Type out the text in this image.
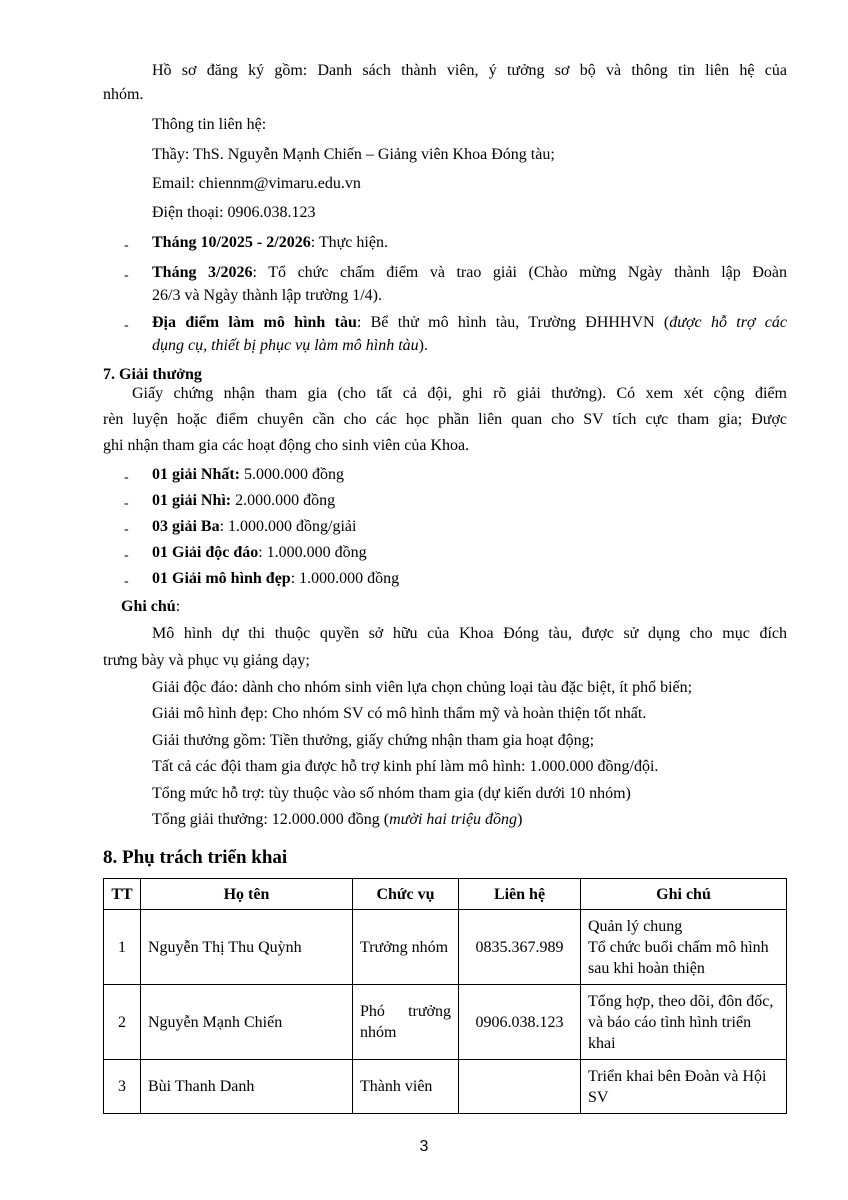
Hồ sơ đăng ký gồm: Danh sách thành viên, ý tưởng sơ bộ và thông tin liên hệ của
nhóm.
Thông tin liên hệ:
Thầy: ThS. Nguyễn Mạnh Chiến – Giảng viên Khoa Đóng tàu;
Email: chiennm@vimaru.edu.vn
Điện thoại: 0906.038.123
- Tháng 10/2025 - 2/2026: Thực hiện.
- Tháng 3/2026: Tổ chức chấm điểm và trao giải (Chào mừng Ngày thành lập Đoàn
26/3 và Ngày thành lập trường 1/4).
- Địa điểm làm mô hình tàu: Bể thử mô hình tàu, Trường ĐHHHVN (được hỗ trợ các
dụng cụ, thiết bị phục vụ làm mô hình tàu).
7. Giải thưởng
Giấy chứng nhận tham gia (cho tất cả đội, ghi rõ giải thưởng). Có xem xét cộng điểm
rèn luyện hoặc điểm chuyên cần cho các học phần liên quan cho SV tích cực tham gia; Được
ghi nhận tham gia các hoạt động cho sinh viên của Khoa.
- 01 giải Nhất: 5.000.000 đồng
- 01 giải Nhì: 2.000.000 đồng
- 03 giải Ba: 1.000.000 đồng/giải
- 01 Giải độc đáo: 1.000.000 đồng
- 01 Giải mô hình đẹp: 1.000.000 đồng
Ghi chú:
Mô hình dự thi thuộc quyền sở hữu của Khoa Đóng tàu, được sử dụng cho mục đích
trưng bày và phục vụ giảng dạy;
Giải độc đáo: dành cho nhóm sinh viên lựa chọn chủng loại tàu đặc biệt, ít phổ biến;
Giải mô hình đẹp: Cho nhóm SV có mô hình thẩm mỹ và hoàn thiện tốt nhất.
Giải thưởng gồm: Tiền thưởng, giấy chứng nhận tham gia hoạt động;
Tất cả các đội tham gia được hỗ trợ kinh phí làm mô hình: 1.000.000 đồng/đội.
Tổng mức hỗ trợ: tùy thuộc vào số nhóm tham gia (dự kiến dưới 10 nhóm)
Tổng giải thưởng: 12.000.000 đồng (mười hai triệu đồng)
8. Phụ trách triển khai
TT	Họ tên	Chức vụ	Liên hệ	Ghi chú
1	Nguyễn Thị Thu Quỳnh	Trưởng nhóm	0835.367.989	Quản lý chung
Tổ chức buổi chấm mô hình sau khi hoàn thiện

2	Nguyễn Mạnh Chiến	Phó trưởng nhóm	0906.038.123	Tổng hợp, theo dõi, đôn đốc, và báo cáo tình hình triển khai
3	Bùi Thanh Danh	Thành viên		Triển khai bên Đoàn và Hội SV
3
